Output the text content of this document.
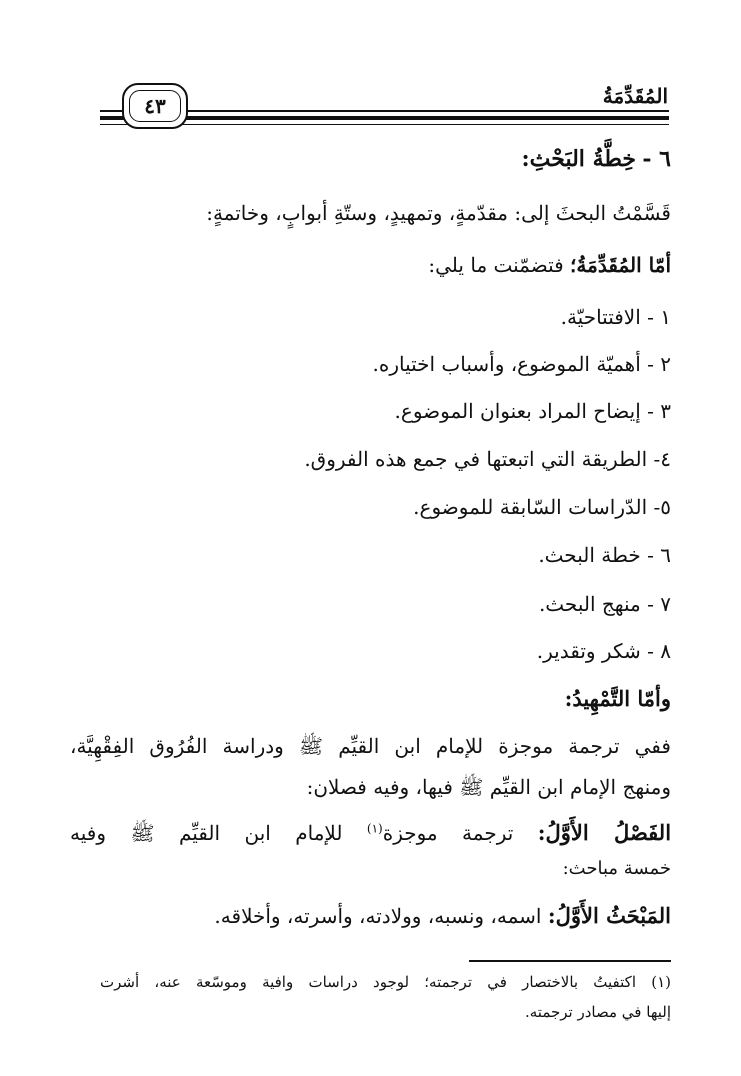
المُقَدِّمَةُ
٤٣
٦ - خِطَّةُ البَحْثِ:
قَسَّمْتُ البحثَ إلى: مقدّمةٍ، وتمهيدٍ، وستّةِ أبوابٍ، وخاتمةٍ:
أمّا المُقَدِّمَةُ؛ فتضمّنت ما يلي:
١ - الافتتاحيّة.
٢ - أهميّة الموضوع، وأسباب اختياره.
٣ - إيضاح المراد بعنوان الموضوع.
٤- الطريقة التي اتبعتها في جمع هذه الفروق.
٥- الدّراسات السّابقة للموضوع.
٦ - خطة البحث.
٧ - منهج البحث.
٨ - شكر وتقدير.
وأمّا التَّمْهِيدُ:
ففي ترجمة موجزة للإمام ابن القيِّم ﷺ ودراسة الفُرُوق الفِقْهِيَّة،
ومنهج الإمام ابن القيِّم ﷺ فيها، وفيه فصلان:
الفَصْلُ الأَوَّلُ: ترجمة موجزة$^{(١)}$ للإمام ابن القيِّم ﷺ وفيه
خمسة مباحث:
المَبْحَثُ الأَوَّلُ: اسمه، ونسبه، وولادته، وأسرته، وأخلاقه.
(١) اكتفيتُ بالاختصار في ترجمته؛ لوجود دراسات وافية وموسّعة عنه، أشرت
إليها في مصادر ترجمته.
